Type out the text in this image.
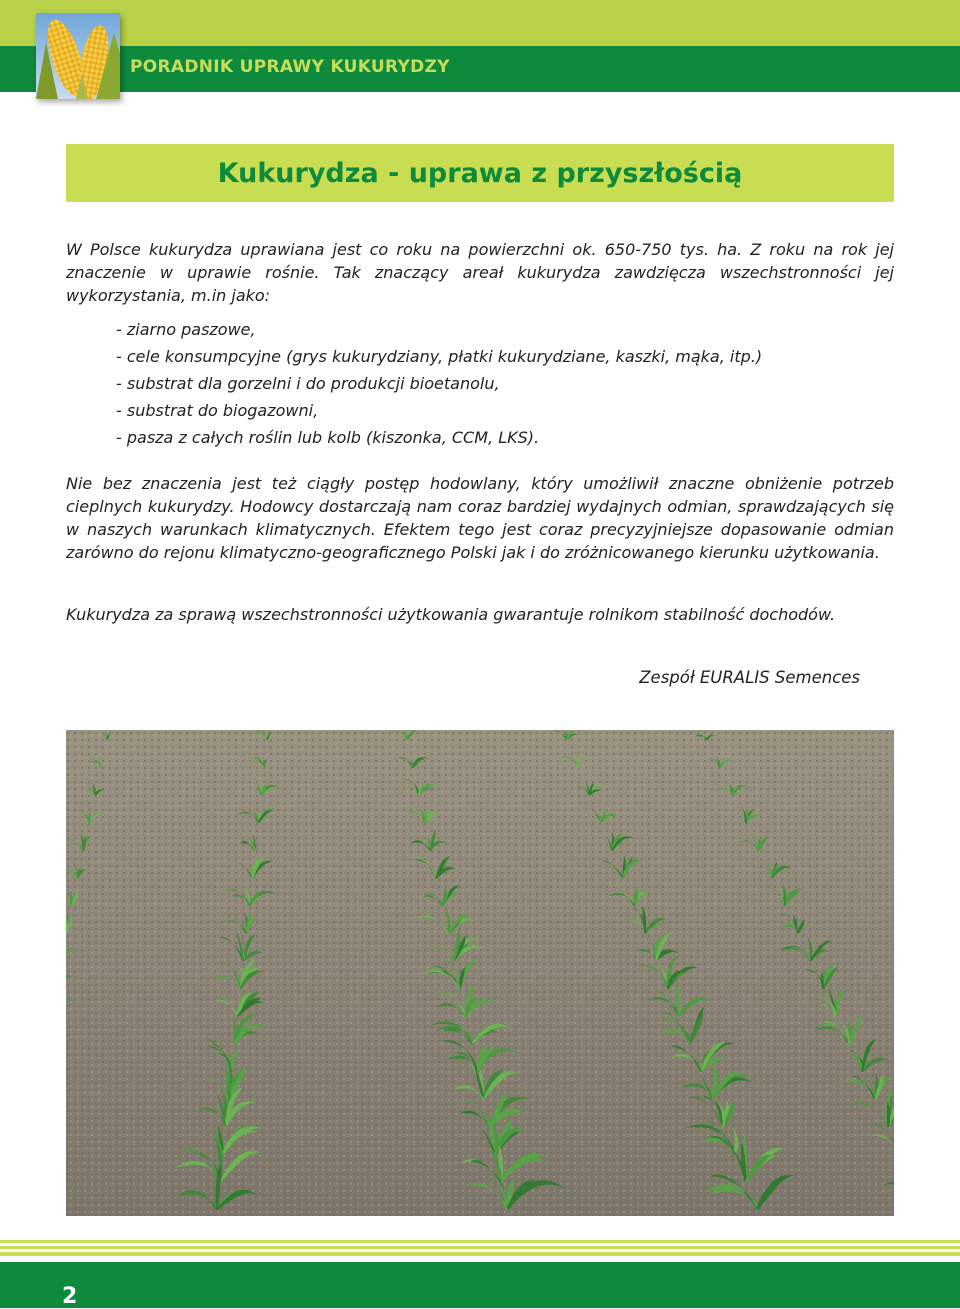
PORADNIK UPRAWY KUKURYDZY
Kukurydza - uprawa z przyszłością
W Polsce kukurydza uprawiana jest co roku na powierzchni ok. 650-750 tys. ha. Z roku na rok jej znaczenie w uprawie rośnie. Tak znaczący areał kukurydza zawdzięcza wszechstronności jej wykorzystania, m.in jako:
- ziarno paszowe,
- cele konsumpcyjne (grys kukurydziany, płatki kukurydziane, kaszki, mąka, itp.)
- substrat dla gorzelni i do produkcji bioetanolu,
- substrat do biogazowni,
- pasza z całych roślin lub kolb (kiszonka, CCM, LKS).
Nie bez znaczenia jest też ciągły postęp hodowlany, który umożliwił znaczne obniżenie potrzeb cieplnych kukurydzy. Hodowcy dostarczają nam coraz bardziej wydajnych odmian, sprawdzających się w naszych warunkach klimatycznych. Efektem tego jest coraz precyzyjniejsze dopasowanie odmian zarówno do rejonu klimatyczno-geograficznego Polski jak i do zróżnicowanego kierunku użytkowania.
Kukurydza za sprawą wszechstronności użytkowania gwarantuje rolnikom stabilność dochodów.
Zespół EURALIS Semences
2
